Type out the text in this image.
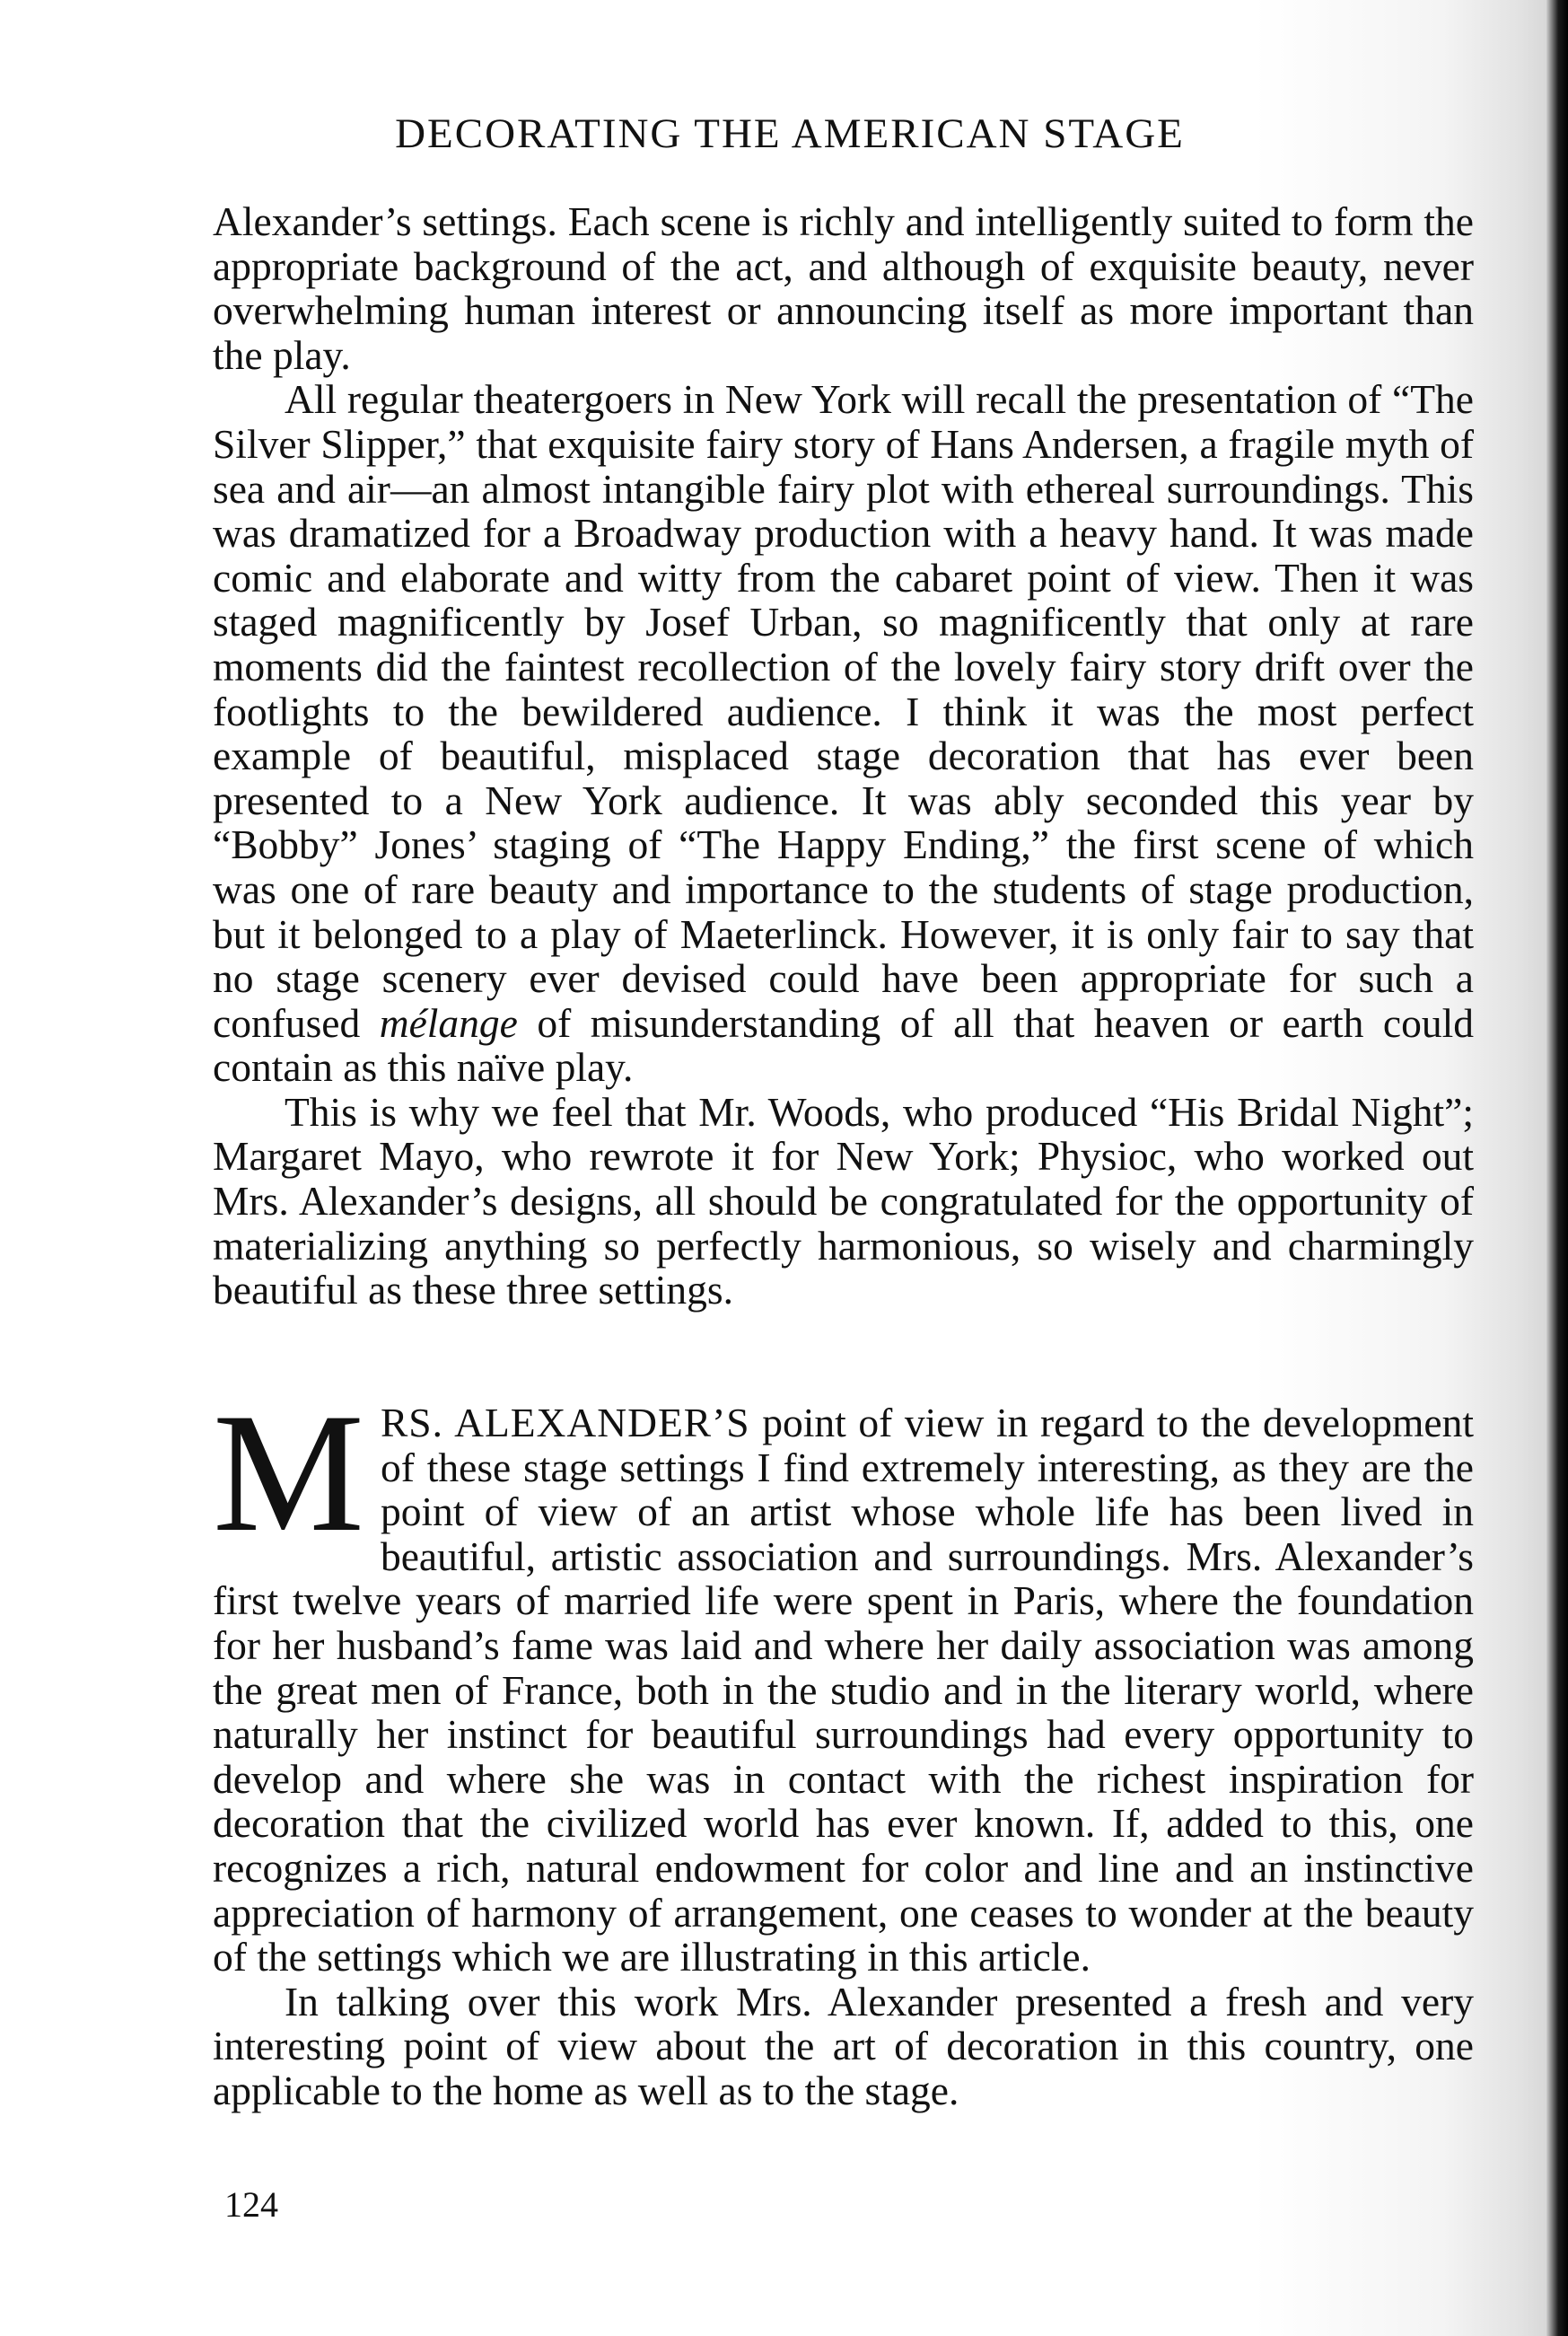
DECORATING THE AMERICAN STAGE

Alexander’s settings. Each scene is richly and intelligently suited to form the appropriate background of the act, and although of exquisite beauty, never overwhelming human interest or announcing itself as more important than the play.

All regular theatergoers in New York will recall the presentation of “The Silver Slipper,” that exquisite fairy story of Hans Andersen, a fragile myth of sea and air—an almost intangible fairy plot with ethereal surroundings. This was dramatized for a Broadway production with a heavy hand. It was made comic and elaborate and witty from the cabaret point of view. Then it was staged magnificently by Josef Urban, so magnificently that only at rare moments did the faintest recollection of the lovely fairy story drift over the footlights to the bewildered audience. I think it was the most perfect example of beautiful, misplaced stage decoration that has ever been presented to a New York audience. It was ably seconded this year by “Bobby” Jones’ staging of “The Happy Ending,” the first scene of which was one of rare beauty and importance to the students of stage production, but it belonged to a play of Maeterlinck. However, it is only fair to say that no stage scenery ever devised could have been appropriate for such a confused mélange of misunderstanding of all that heaven or earth could contain as this naïve play.

This is why we feel that Mr. Woods, who produced “His Bridal Night”; Margaret Mayo, who rewrote it for New York; Physioc, who worked out Mrs. Alexander’s designs, all should be congratulated for the opportunity of materializing anything so perfectly harmonious, so wisely and charmingly beautiful as these three settings.

MRS. ALEXANDER’S point of view in regard to the development of these stage settings I find extremely interesting, as they are the point of view of an artist whose whole life has been lived in beautiful, artistic association and surroundings. Mrs. Alexander’s first twelve years of married life were spent in Paris, where the foundation for her husband’s fame was laid and where her daily association was among the great men of France, both in the studio and in the literary world, where naturally her instinct for beautiful surroundings had every opportunity to develop and where she was in contact with the richest inspiration for decoration that the civilized world has ever known. If, added to this, one recognizes a rich, natural endowment for color and line and an instinctive appreciation of harmony of arrangement, one ceases to wonder at the beauty of the settings which we are illustrating in this article.

In talking over this work Mrs. Alexander presented a fresh and very interesting point of view about the art of decoration in this country, one applicable to the home as well as to the stage.

124
